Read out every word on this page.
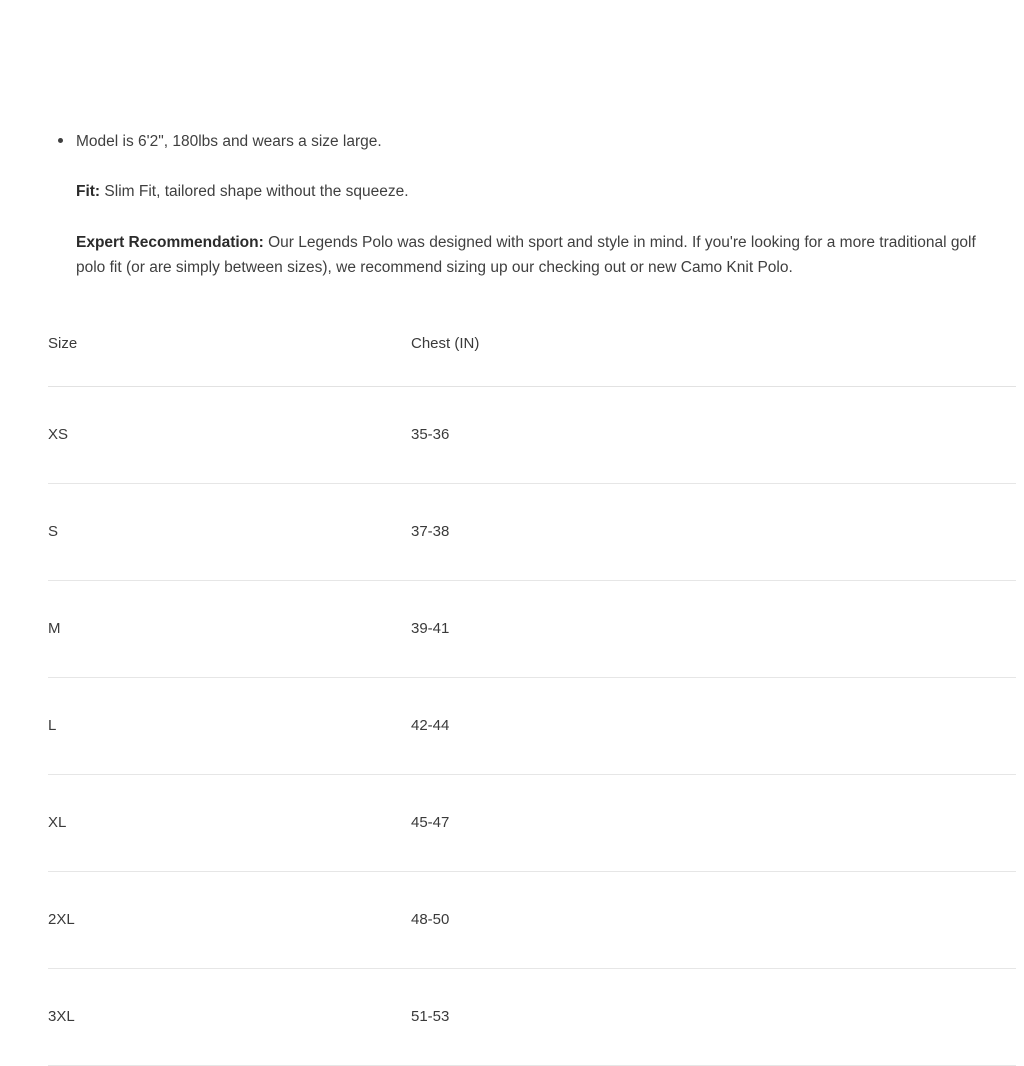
Model is 6'2", 180lbs and wears a size large.

Fit: Slim Fit, tailored shape without the squeeze.

Expert Recommendation: Our Legends Polo was designed with sport and style in mind. If you're looking for a more traditional golf polo fit (or are simply between sizes), we recommend sizing up our checking out or new Camo Knit Polo.

Size	Chest (IN)
XS	35-36
S	37-38
M	39-41
L	42-44
XL	45-47
2XL	48-50
3XL	51-53
